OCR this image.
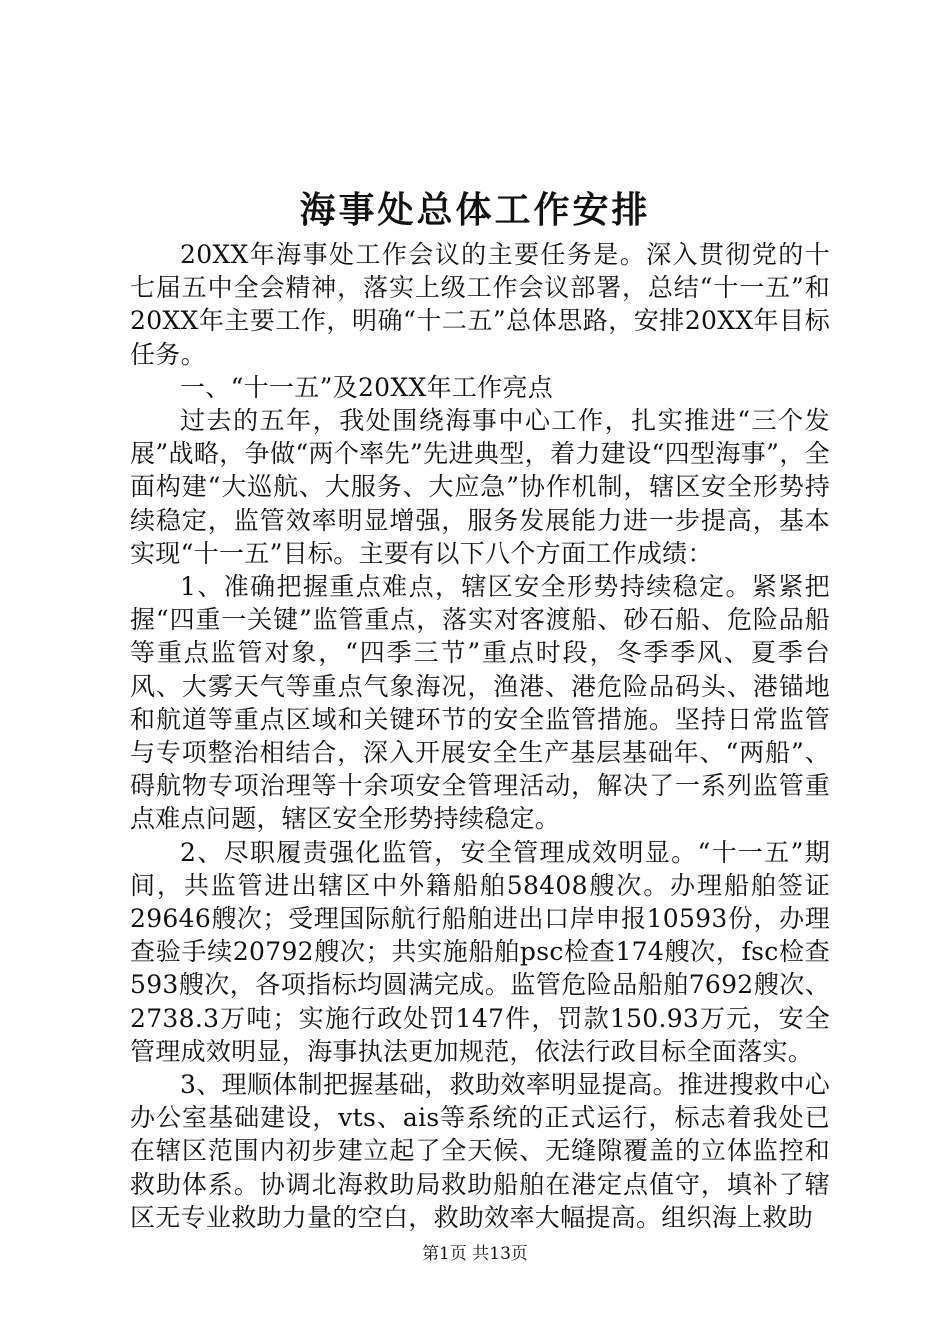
海事处总体工作安排

20XX年海事处工作会议的主要任务是。深入贯彻党的十七届五中全会精神，落实上级工作会议部署，总结“十一五”和20XX年主要工作，明确“十二五”总体思路，安排20XX年目标任务。

一、“十一五”及20XX年工作亮点

过去的五年，我处围绕海事中心工作，扎实推进“三个发展”战略，争做“两个率先”先进典型，着力建设“四型海事”，全面构建“大巡航、大服务、大应急”协作机制，辖区安全形势持续稳定，监管效率明显增强，服务发展能力进一步提高，基本实现“十一五”目标。主要有以下八个方面工作成绩：

1、准确把握重点难点，辖区安全形势持续稳定。紧紧把握“四重一关键”监管重点，落实对客渡船、砂石船、危险品船等重点监管对象，“四季三节”重点时段，冬季季风、夏季台风、大雾天气等重点气象海况，渔港、港危险品码头、港锚地和航道等重点区域和关键环节的安全监管措施。坚持日常监管与专项整治相结合，深入开展安全生产基层基础年、“两船”、碍航物专项治理等十余项安全管理活动，解决了一系列监管重点难点问题，辖区安全形势持续稳定。

2、尽职履责强化监管，安全管理成效明显。“十一五”期间，共监管进出辖区中外籍船舶58408艘次。办理船舶签证29646艘次；受理国际航行船舶进出口岸申报10593份，办理查验手续20792艘次；共实施船舶psc检查174艘次，fsc检查593艘次，各项指标均圆满完成。监管危险品船舶7692艘次、2738.3万吨；实施行政处罚147件，罚款150.93万元，安全管理成效明显，海事执法更加规范，依法行政目标全面落实。

3、理顺体制把握基础，救助效率明显提高。推进搜救中心办公室基础建设，vts、ais等系统的正式运行，标志着我处已在辖区范围内初步建立起了全天候、无缝隙覆盖的立体监控和救助体系。协调北海救助局救助船舶在港定点值守，填补了辖区无专业救助力量的空白，救助效率大幅提高。组织海上救助

第1页 共13页
